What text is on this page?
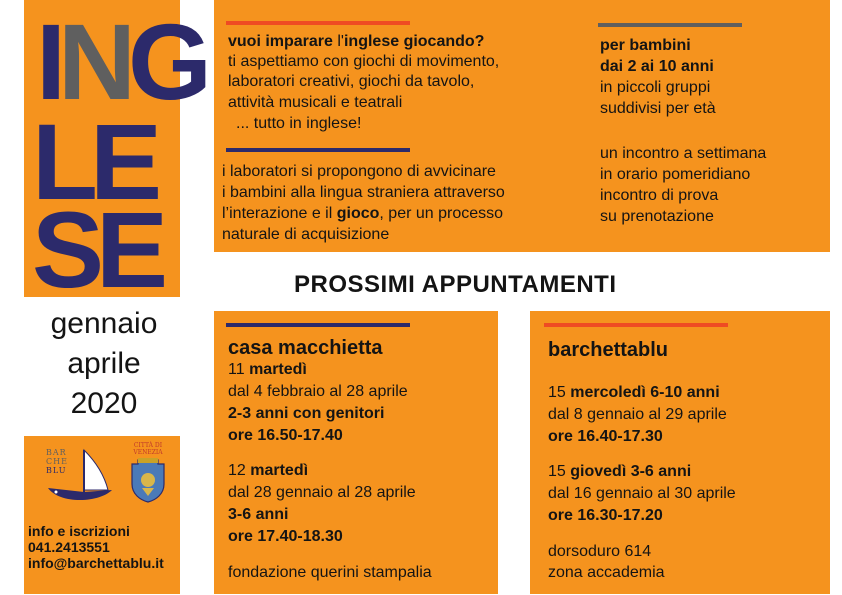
ING
LE
SE
gennaio
aprile
2020
BAR
CHE
BLU
CITTÀ DI
VENEZIA
info e iscrizioni
041.2413551
info@barchettablu.it
vuoi imparare l'inglese giocando?
ti aspettiamo con giochi di movimento,
laboratori creativi, giochi da tavolo,
attività musicali e teatrali
... tutto in inglese!
i laboratori si propongono di avvicinare
i bambini alla lingua straniera attraverso
l’interazione e il gioco, per un processo
naturale di acquisizione
per bambini
dai 2 ai 10 anni
in piccoli gruppi
suddivisi per età
un incontro a settimana
in orario pomeridiano
incontro di prova
su prenotazione
PROSSIMI APPUNTAMENTI
casa macchietta
11 martedì
dal 4 febbraio al 28 aprile
2-3 anni con genitori
ore 16.50-17.40
12 martedì
dal 28 gennaio al 28 aprile
3-6 anni
ore 17.40-18.30
fondazione querini stampalia
barchettablu
15 mercoledì 6-10 anni
dal 8 gennaio al 29 aprile
ore 16.40-17.30
15 giovedì 3-6 anni
dal 16 gennaio al 30 aprile
ore 16.30-17.20
dorsoduro 614
zona accademia
